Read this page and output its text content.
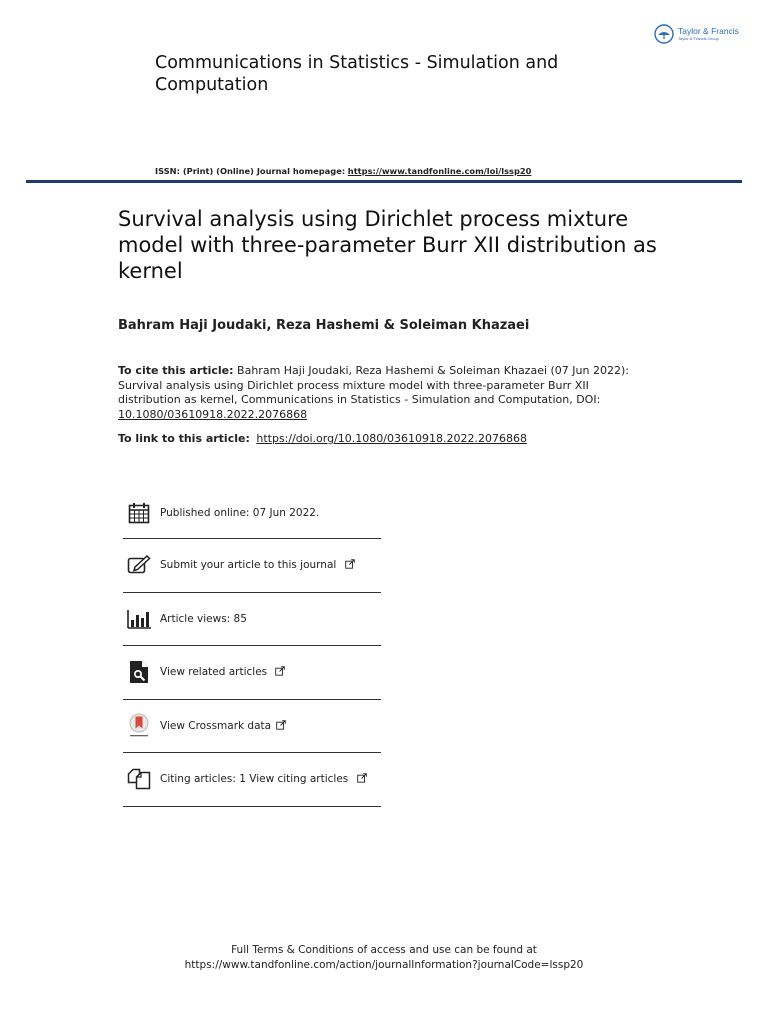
Taylor & Francis
Taylor & Francis Group
Communications in Statistics - Simulation and Computation
ISSN: (Print) (Online) Journal homepage: https://www.tandfonline.com/loi/lssp20
Survival analysis using Dirichlet process mixture model with three-parameter Burr XII distribution as kernel
Bahram Haji Joudaki, Reza Hashemi & Soleiman Khazaei
To cite this article: Bahram Haji Joudaki, Reza Hashemi & Soleiman Khazaei (07 Jun 2022): Survival analysis using Dirichlet process mixture model with three-parameter Burr XII distribution as kernel, Communications in Statistics - Simulation and Computation, DOI: 10.1080/03610918.2022.2076868
To link to this article: https://doi.org/10.1080/03610918.2022.2076868
Published online: 07 Jun 2022.
Submit your article to this journal
Article views: 85
View related articles
View Crossmark data
Citing articles: 1 View citing articles
Full Terms & Conditions of access and use can be found at
https://www.tandfonline.com/action/journalInformation?journalCode=lssp20
